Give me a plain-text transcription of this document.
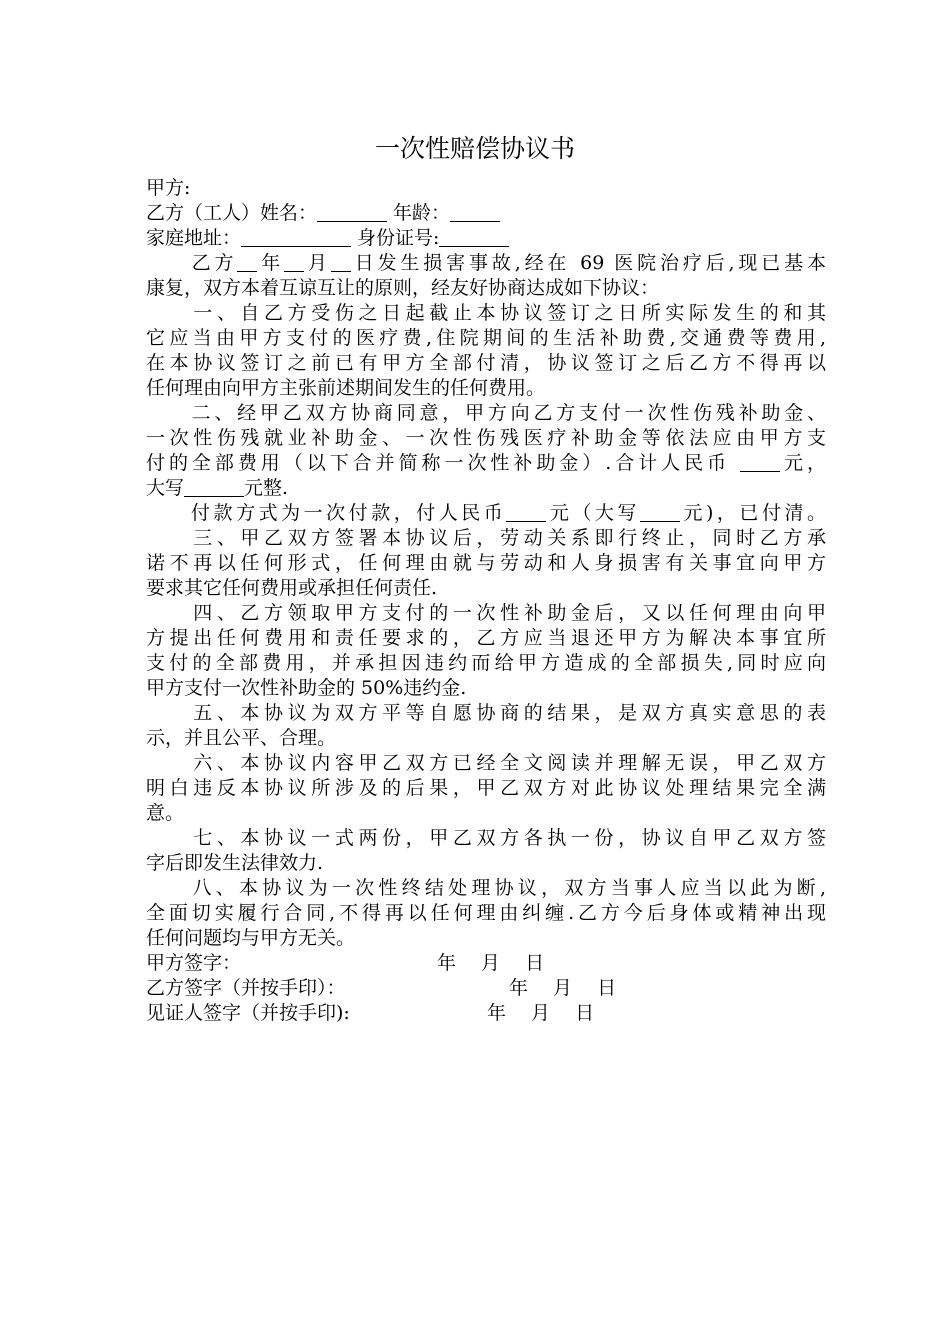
一次性赔偿协议书
甲方:
乙方（工人）姓名：	年龄：
家庭地址：	身份证号:
　　乙方 年 月 日发生损害事故,经在 69 医院治疗后,现已基本
康复，双方本着互谅互让的原则，经友好协商达成如下协议：
　　一、自乙方受伤之日起截止本协议签订之日所实际发生的和其
它应当由甲方支付的医疗费,住院期间的生活补助费,交通费等费用,
在本协议签订之前已有甲方全部付清，协议签订之后乙方不得再以
任何理由向甲方主张前述期间发生的任何费用。
　　二、经甲乙双方协商同意，甲方向乙方支付一次性伤残补助金、
一次性伤残就业补助金、一次性伤残医疗补助金等依法应由甲方支
付的全部费用（以下合并简称一次性补助金）.合计人民币 元，
大写	元整.
　　付款方式为一次付款，付人民币 元（大写 元)，已付清。
　　三、甲乙双方签署本协议后，劳动关系即行终止，同时乙方承
诺不再以任何形式，任何理由就与劳动和人身损害有关事宜向甲方
要求其它任何费用或承担任何责任.
　　四、乙方领取甲方支付的一次性补助金后，又以任何理由向甲
方提出任何费用和责任要求的，乙方应当退还甲方为解决本事宜所
支付的全部费用，并承担因违约而给甲方造成的全部损失,同时应向
甲方支付一次性补助金的 50%违约金.
　　五、本协议为双方平等自愿协商的结果，是双方真实意思的表
示，并且公平、合理。
　　六、本协议内容甲乙双方已经全文阅读并理解无误，甲乙双方
明白违反本协议所涉及的后果，甲乙双方对此协议处理结果完全满
意。
　　七、本协议一式两份，甲乙双方各执一份，协议自甲乙双方签
字后即发生法律效力.
　　八、本协议为一次性终结处理协议，双方当事人应当以此为断,
全面切实履行合同,不得再以任何理由纠缠.乙方今后身体或精神出现
任何问题均与甲方无关。
甲方签字：	年　 月　 日
乙方签字（并按手印）：	年　 月　 日
见证人签字（并按手印):	年　 月　 日
